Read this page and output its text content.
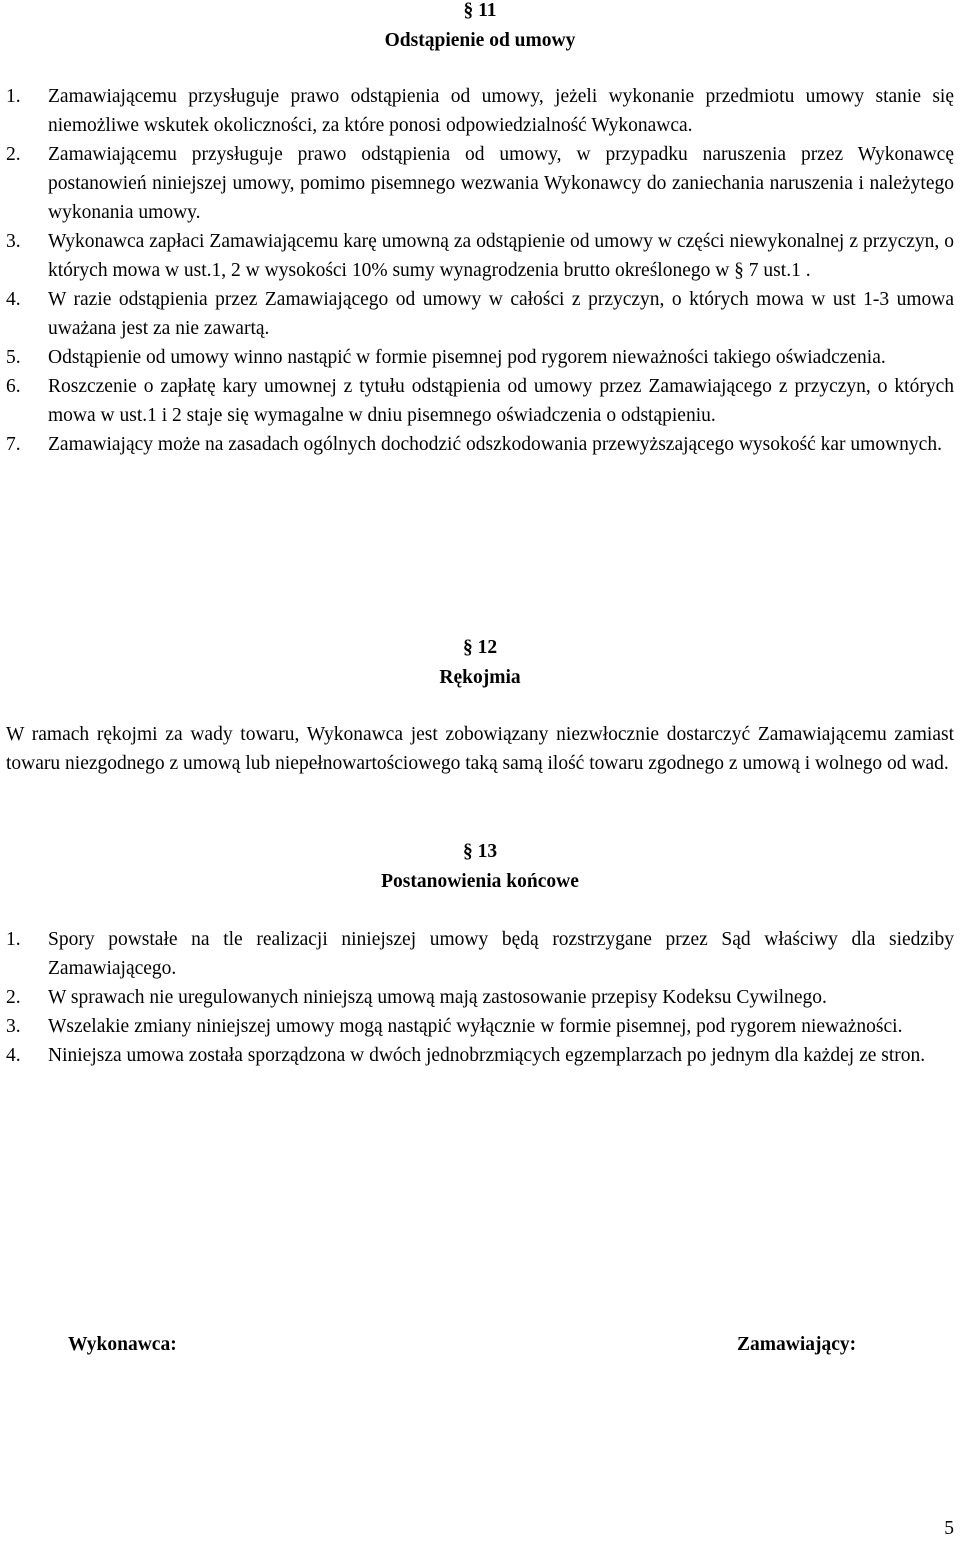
§ 11
Odstąpienie od umowy
1. Zamawiającemu przysługuje prawo odstąpienia od umowy, jeżeli wykonanie przedmiotu umowy stanie się niemożliwe wskutek okoliczności, za które ponosi odpowiedzialność Wykonawca.
2. Zamawiającemu przysługuje prawo odstąpienia od umowy, w przypadku naruszenia przez Wykonawcę postanowień niniejszej umowy, pomimo pisemnego wezwania Wykonawcy do zaniechania naruszenia i należytego wykonania umowy.
3. Wykonawca zapłaci Zamawiającemu karę umowną za odstąpienie od umowy w części niewykonalnej z przyczyn, o których mowa w ust.1, 2 w wysokości 10% sumy wynagrodzenia brutto określonego w § 7 ust.1 .
4. W razie odstąpienia przez Zamawiającego od umowy w całości z przyczyn, o których mowa w ust 1-3 umowa uważana jest za nie zawartą.
5. Odstąpienie od umowy winno nastąpić w formie pisemnej pod rygorem nieważności takiego oświadczenia.
6. Roszczenie o zapłatę kary umownej z tytułu odstąpienia od umowy przez Zamawiającego z przyczyn, o których mowa w ust.1 i 2 staje się wymagalne w dniu pisemnego oświadczenia o odstąpieniu.
7. Zamawiający może na zasadach ogólnych dochodzić odszkodowania przewyższającego wysokość kar umownych.
§ 12
Rękojmia

W ramach rękojmi za wady towaru, Wykonawca jest zobowiązany niezwłocznie dostarczyć Zamawiającemu zamiast towaru niezgodnego z umową lub niepełnowartościowego taką samą ilość towaru zgodnego z umową i wolnego od wad.

§ 13
Postanowienia końcowe
1. Spory powstałe na tle realizacji niniejszej umowy będą rozstrzygane przez Sąd właściwy dla siedziby Zamawiającego.
2. W sprawach nie uregulowanych niniejszą umową mają zastosowanie przepisy Kodeksu Cywilnego.
3. Wszelakie zmiany niniejszej umowy mogą nastąpić wyłącznie w formie pisemnej, pod rygorem nieważności.
4. Niniejsza umowa została sporządzona w dwóch jednobrzmiących egzemplarzach po jednym dla każdej ze stron.
Wykonawca:	Zamawiający:
5
